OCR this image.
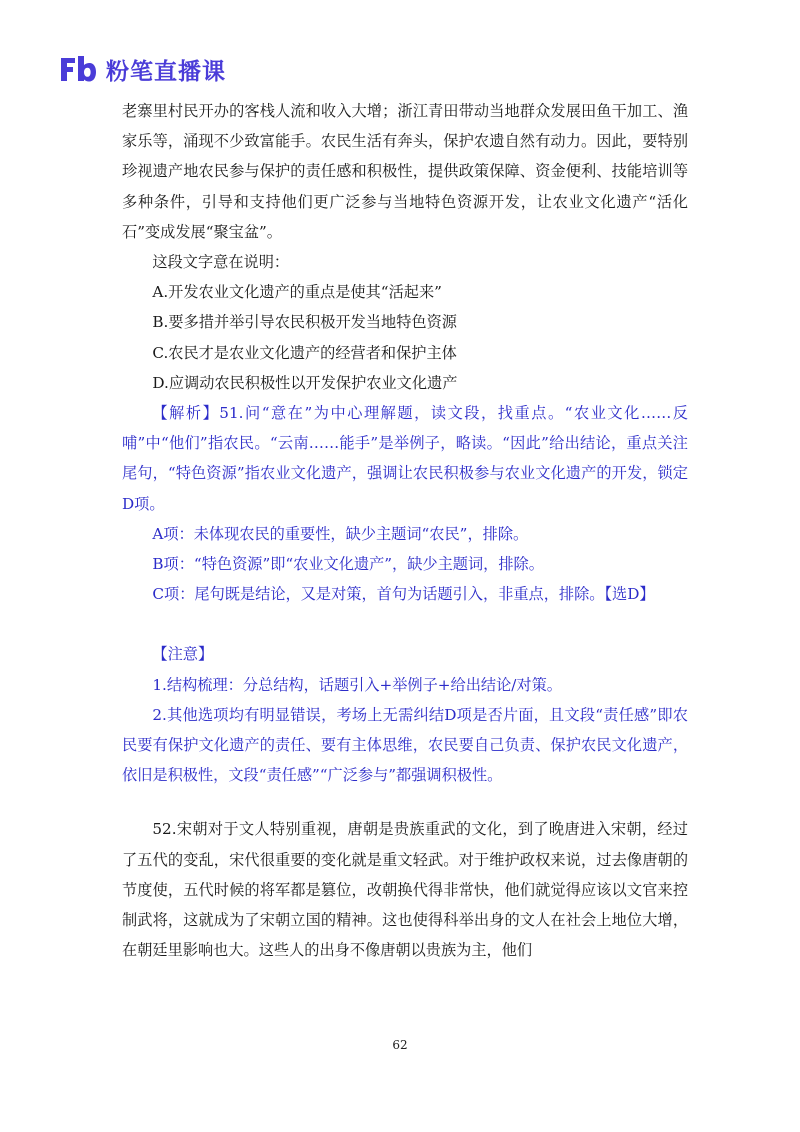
粉笔直播课

老寨里村民开办的客栈人流和收入大增；浙江青田带动当地群众发展田鱼干加工、渔家乐等，涌现不少致富能手。农民生活有奔头，保护农遗自然有动力。因此，要特别珍视遗产地农民参与保护的责任感和积极性，提供政策保障、资金便利、技能培训等多种条件，引导和支持他们更广泛参与当地特色资源开发，让农业文化遗产“活化石”变成发展“聚宝盆”。

这段文字意在说明：

A.开发农业文化遗产的重点是使其“活起来”

B.要多措并举引导农民积极开发当地特色资源

C.农民才是农业文化遗产的经营者和保护主体

D.应调动农民积极性以开发保护农业文化遗产

【解析】51.问“意在”为中心理解题，读文段，找重点。“农业文化……反哺”中“他们”指农民。“云南……能手”是举例子，略读。“因此”给出结论，重点关注尾句，“特色资源”指农业文化遗产，强调让农民积极参与农业文化遗产的开发，锁定D项。

A项：未体现农民的重要性，缺少主题词“农民”，排除。

B项：“特色资源”即“农业文化遗产”，缺少主题词，排除。

C项：尾句既是结论，又是对策，首句为话题引入，非重点，排除。【选D】

【注意】

1.结构梳理：分总结构，话题引入+举例子+给出结论/对策。

2.其他选项均有明显错误，考场上无需纠结D项是否片面，且文段“责任感”即农民要有保护文化遗产的责任、要有主体思维，农民要自己负责、保护农民文化遗产，依旧是积极性，文段“责任感”“广泛参与”都强调积极性。

52.宋朝对于文人特别重视，唐朝是贵族重武的文化，到了晚唐进入宋朝，经过了五代的变乱，宋代很重要的变化就是重文轻武。对于维护政权来说，过去像唐朝的节度使，五代时候的将军都是篡位，改朝换代得非常快，他们就觉得应该以文官来控制武将，这就成为了宋朝立国的精神。这也使得科举出身的文人在社会上地位大增，在朝廷里影响也大。这些人的出身不像唐朝以贵族为主，他们

62
